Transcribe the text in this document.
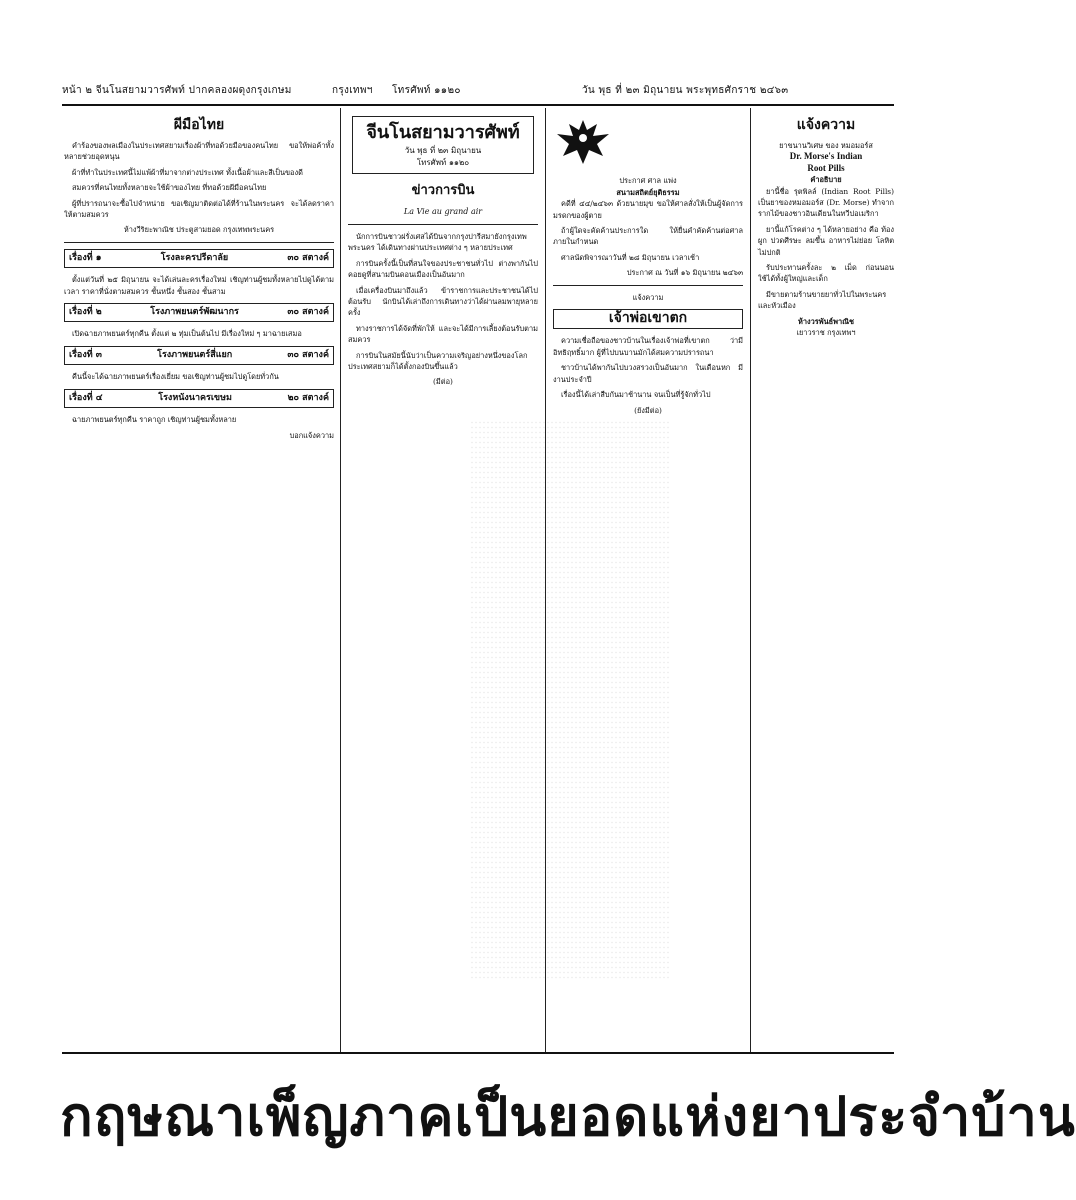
หน้า ๒ จีนโนสยามวารศัพท์ ปากคลองผดุงกรุงเกษม	กรุงเทพฯ โทรศัพท์ ๑๑๒๐	วัน พุธ ที่ ๒๓ มิถุนายน พระพุทธศักราช ๒๔๖๓
ผีมือไทย

คำร้องของพลเมืองในประเทศสยามเรื่องผ้าที่ทอด้วยมือของคนไทย ขอให้พ่อค้าทั้งหลายช่วยอุดหนุน

ผ้าที่ทำในประเทศนี้ไม่แพ้ผ้าที่มาจากต่างประเทศ ทั้งเนื้อผ้าและสีเป็นของดี

สมควรที่คนไทยทั้งหลายจะใช้ผ้าของไทย ที่ทอด้วยผีมือคนไทย

ผู้ที่ปรารถนาจะซื้อไปจำหน่าย ขอเชิญมาติดต่อได้ที่ร้านในพระนคร จะได้ลดราคาให้ตามสมควร

ห้างวีริยะพาณิช ประตูสามยอด กรุงเทพพระนคร
เรื่องที่ ๑	โรงละครปรีดาลัย	๓๐ สตางค์

ตั้งแต่วันที่ ๒๕ มิถุนายน จะได้เล่นละครเรื่องใหม่ เชิญท่านผู้ชมทั้งหลายไปดูได้ตามเวลา ราคาที่นั่งตามสมควร ชั้นหนึ่ง ชั้นสอง ชั้นสาม

เรื่องที่ ๒	โรงภาพยนตร์พัฒนากร	๓๐ สตางค์

เปิดฉายภาพยนตร์ทุกคืน ตั้งแต่ ๒ ทุ่มเป็นต้นไป มีเรื่องใหม่ ๆ มาฉายเสมอ

เรื่องที่ ๓	โรงภาพยนตร์สี่แยก	๓๐ สตางค์

คืนนี้จะได้ฉายภาพยนตร์เรื่องเยี่ยม ขอเชิญท่านผู้ชมไปดูโดยทั่วกัน

เรื่องที่ ๔	โรงหนังนาครเขษม	๒๐ สตางค์

ฉายภาพยนตร์ทุกคืน ราคาถูก เชิญท่านผู้ชมทั้งหลาย

บอกแจ้งความ
จีนโนสยามวารศัพท์
วัน พุธ ที่ ๒๓ มิถุนายน
โทรศัพท์ ๑๑๒๐
ข่าวการบิน
La Vie au grand air

นักการบินชาวฝรั่งเศสได้บินจากกรุงปารีสมายังกรุงเทพพระนคร ได้เดินทางผ่านประเทศต่าง ๆ หลายประเทศ

การบินครั้งนี้เป็นที่สนใจของประชาชนทั่วไป ต่างพากันไปคอยดูที่สนามบินดอนเมืองเป็นอันมาก

เมื่อเครื่องบินมาถึงแล้ว ข้าราชการและประชาชนได้ไปต้อนรับ นักบินได้เล่าถึงการเดินทางว่าได้ผ่านลมพายุหลายครั้ง

ทางราชการได้จัดที่พักให้ และจะได้มีการเลี้ยงต้อนรับตามสมควร

การบินในสมัยนี้นับว่าเป็นความเจริญอย่างหนึ่งของโลก ประเทศสยามก็ได้ตั้งกองบินขึ้นแล้ว

(มีต่อ)
ประกาศ ศาล แพ่ง
สนามสถิตย์ยุติธรรม

คดีที่ ๔๔/๒๔๖๓ ด้วยนายมุข ขอให้ศาลสั่งให้เป็นผู้จัดการมรดกของผู้ตาย

ถ้าผู้ใดจะคัดค้านประการใด ให้ยื่นคำคัดค้านต่อศาลภายในกำหนด

ศาลนัดพิจารณาวันที่ ๒๘ มิถุนายน เวลาเช้า

ประกาศ ณ วันที่ ๑๖ มิถุนายน ๒๔๖๓
แจ้งความ
เจ้าพ่อเขาตก

ความเชื่อถือของชาวบ้านในเรื่องเจ้าพ่อที่เขาตก ว่ามีอิทธิฤทธิ์มาก ผู้ที่ไปบนบานมักได้สมความปรารถนา

ชาวบ้านได้พากันไปบวงสรวงเป็นอันมาก ในเดือนหก มีงานประจำปี

เรื่องนี้ได้เล่าสืบกันมาช้านาน จนเป็นที่รู้จักทั่วไป

(ยังมีต่อ)
แจ้งความ
ยาขนานวิเศษ ของ หมอมอร์ส
Dr. Morse's Indian
Root Pills
คำอธิบาย

ยานี้ชื่อ รุตพิลล์ (Indian Root Pills) เป็นยาของหมอมอร์ส (Dr. Morse) ทำจากรากไม้ของชาวอินเดียนในทวีปอเมริกา

ยานี้แก้โรคต่าง ๆ ได้หลายอย่าง คือ ท้องผูก ปวดศีรษะ ลมขึ้น อาหารไม่ย่อย โลหิตไม่ปกติ

รับประทานครั้งละ ๒ เม็ด ก่อนนอน ใช้ได้ทั้งผู้ใหญ่และเด็ก

มีขายตามร้านขายยาทั่วไปในพระนครและหัวเมือง

ห้างวรพันธ์พาณิช
เยาวราช กรุงเทพฯ
กฤษณาเพ็ญภาคเป็นยอดแห่งยาประจำบ้าน
